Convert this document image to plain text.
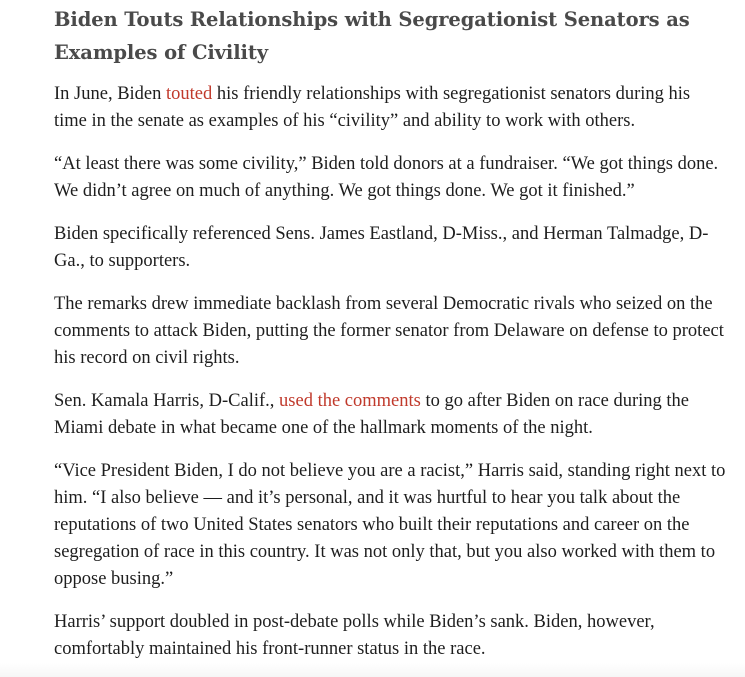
Biden Touts Relationships with Segregationist Senators as Examples of Civility

In June, Biden touted his friendly relationships with segregationist senators during his time in the senate as examples of his “civility” and ability to work with others.

“At least there was some civility,” Biden told donors at a fundraiser. “We got things done. We didn’t agree on much of anything. We got things done. We got it finished.”

Biden specifically referenced Sens. James Eastland, D-Miss., and Herman Talmadge, D-Ga., to supporters.

The remarks drew immediate backlash from several Democratic rivals who seized on the comments to attack Biden, putting the former senator from Delaware on defense to protect his record on civil rights.

Sen. Kamala Harris, D-Calif., used the comments to go after Biden on race during the Miami debate in what became one of the hallmark moments of the night.

“Vice President Biden, I do not believe you are a racist,” Harris said, standing right next to him. “I also believe — and it’s personal, and it was hurtful to hear you talk about the reputations of two United States senators who built their reputations and career on the segregation of race in this country. It was not only that, but you also worked with them to oppose busing.”

Harris’ support doubled in post-debate polls while Biden’s sank. Biden, however, comfortably maintained his front-runner status in the race.
